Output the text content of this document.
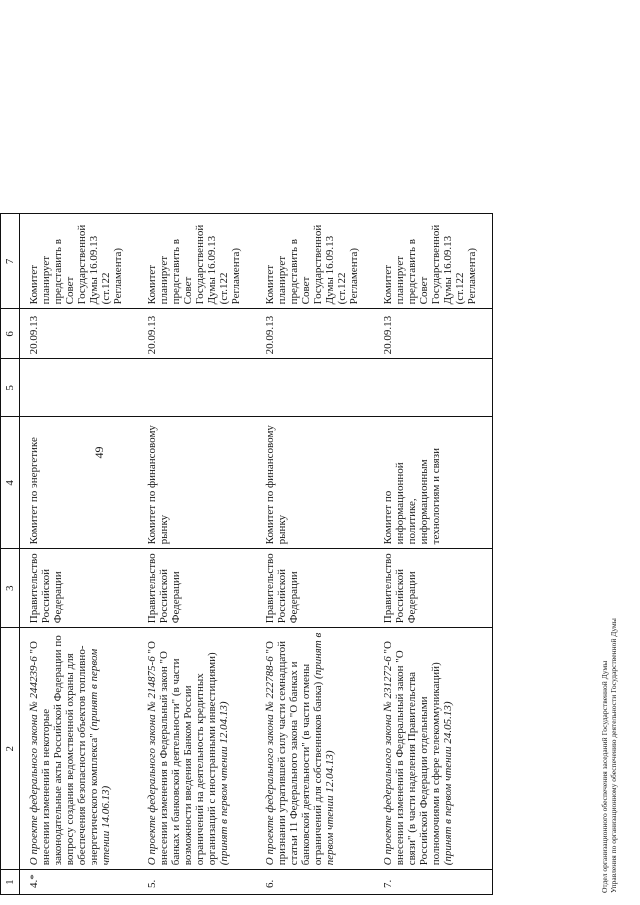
49
1	2	3	4	5	6	7
4.*	О проекте федерального закона № 244239-6 "О внесении изменений в некоторые законодательные акты Российской Федерации по вопросу создания ведомственной охраны для обеспечения безопасности объектов топливно-энергетического комплекса" (принят в первом чтении 14.06.13)	Правительство Российской Федерации	Комитет по энергетике		20.09.13	Комитет планирует представить в Совет Государственной Думы 16.09.13 (ст.122 Регламента)
5.	О проекте федерального закона № 214875-6 "О внесении изменения в Федеральный закон "О банках и банковской деятельности" (в части возможности введения Банком России ограничений на деятельность кредитных организаций с иностранными инвестициями) (принят в первом чтении 12.04.13)	Правительство Российской Федерации	Комитет по финансовому рынку		20.09.13	Комитет планирует представить в Совет Государственной Думы 16.09.13 (ст.122 Регламента)
6.	О проекте федерального закона № 222788-6 "О признании утратившей силу части семнадцатой статьи 11 Федерального закона "О банках и банковской деятельности" (в части отмены ограничений для собственников банка) (принят в первом чтении 12.04.13)	Правительство Российской Федерации	Комитет по финансовому рынку		20.09.13	Комитет планирует представить в Совет Государственной Думы 16.09.13 (ст.122 Регламента)
7.	О проекте федерального закона № 231272-6 "О внесении изменений в Федеральный закон "О связи" (в части наделения Правительства Российской Федерации отдельными полномочиями в сфере телекоммуникаций) (принят в первом чтении 24.05.13)	Правительство Российской Федерации	Комитет по информационной политике, информационным технологиям и связи		20.09.13	Комитет планирует представить в Совет Государственной Думы 16.09.13 (ст.122 Регламента)
Отдел организационного обеспечения заседаний Государственной Думы Управления по организационному обеспечению деятельности Государственной Думы
